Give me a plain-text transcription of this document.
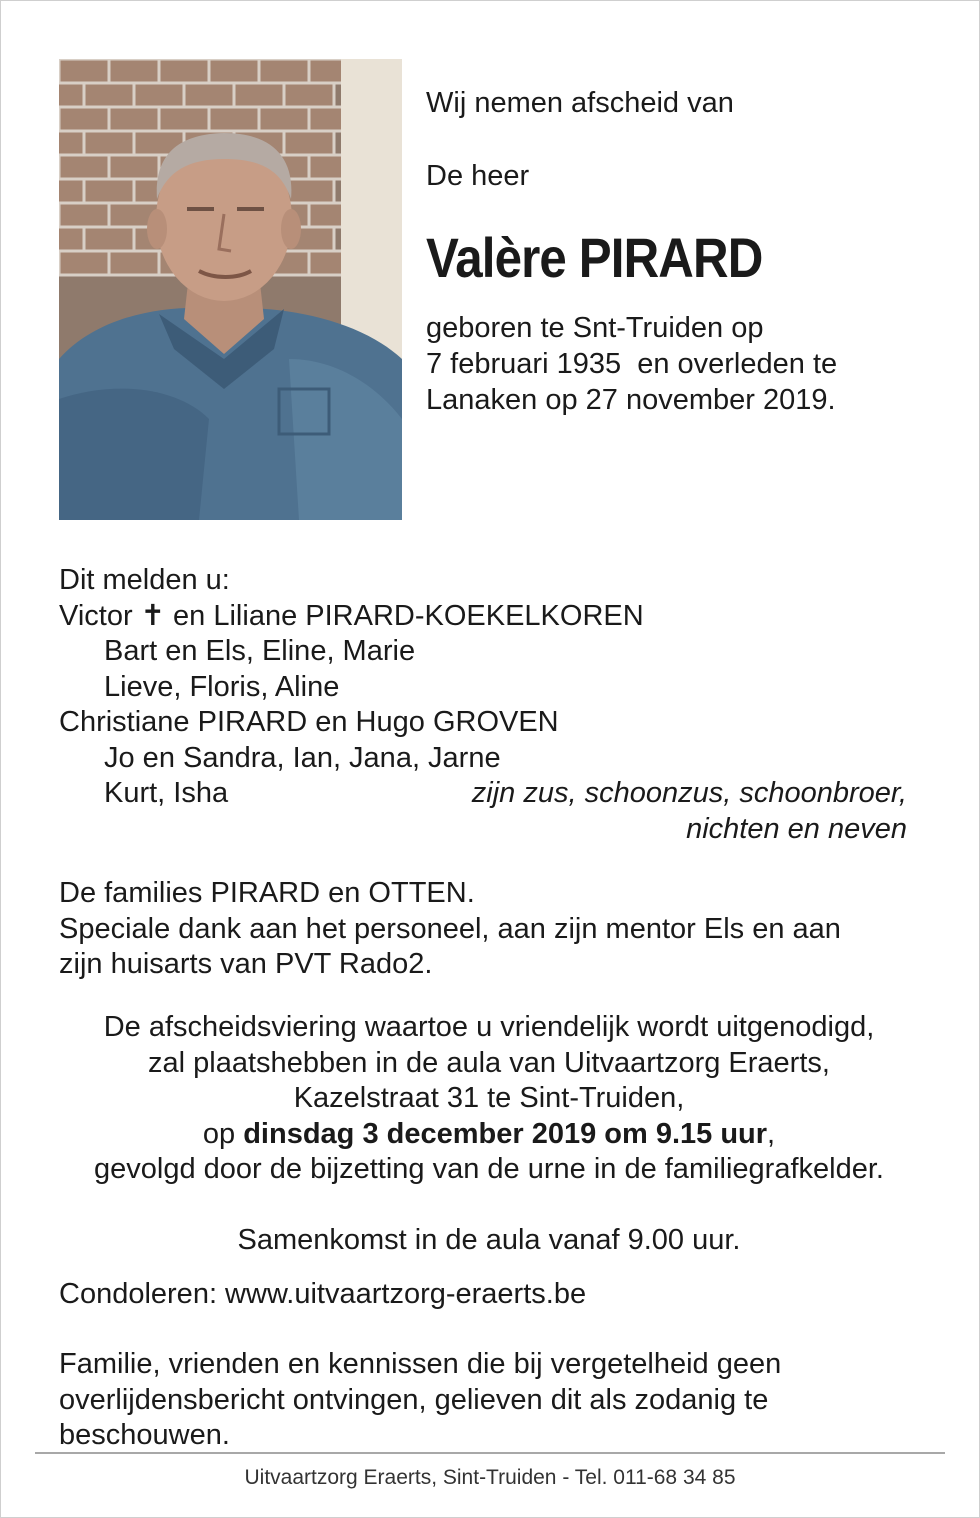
Wij nemen afscheid van

De heer

Valère PIRARD

geboren te Snt-Truiden op
7 februari 1935  en overleden te
Lanaken op 27 november 2019.
Dit melden u:
Victor ✝ en Liliane PIRARD-KOEKELKOREN
Bart en Els, Eline, Marie
Lieve, Floris, Aline
Christiane PIRARD en Hugo GROVEN
Jo en Sandra, Ian, Jana, Jarne
Kurt, Isha	zijn zus, schoonzus, schoonbroer,
nichten en neven
De families PIRARD en OTTEN.
Speciale dank aan het personeel, aan zijn mentor Els en aan
zijn huisarts van PVT Rado2.
De afscheidsviering waartoe u vriendelijk wordt uitgenodigd,
zal plaatshebben in de aula van Uitvaartzorg Eraerts,
Kazelstraat 31 te Sint-Truiden,
op dinsdag 3 december 2019 om 9.15 uur,
gevolgd door de bijzetting van de urne in de familiegrafkelder.
Samenkomst in de aula vanaf 9.00 uur.
Condoleren: www.uitvaartzorg-eraerts.be
Familie, vrienden en kennissen die bij vergetelheid geen
overlijdensbericht ontvingen, gelieven dit als zodanig te
beschouwen.
Uitvaartzorg Eraerts, Sint-Truiden - Tel. 011-68 34 85
